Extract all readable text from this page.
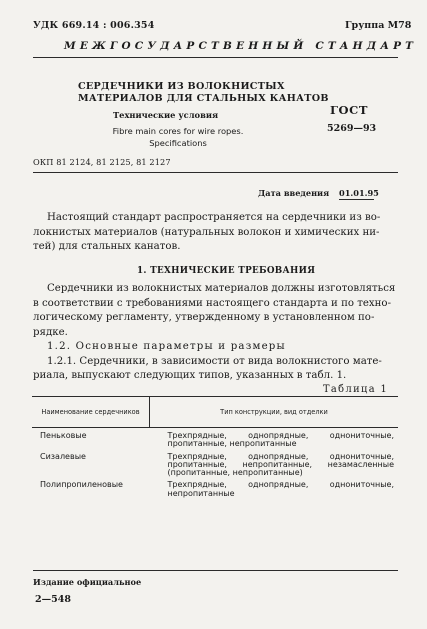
УДК 669.14 : 006.354	Группа М78
МЕЖГОСУДАРСТВЕННЫЙ СТАНДАРТ
СЕРДЕЧНИКИ ИЗ ВОЛОКНИСТЫХ
МАТЕРИАЛОВ ДЛЯ СТАЛЬНЫХ КАНАТОВ
Технические условия
Fibre main cores for wire ropes. Specifications
ГОСТ
5269—93
ОКП 81 2124, 81 2125, 81 2127
Дата введения 01.01.95
Настоящий стандарт распространяется на сердечники из во-
локнистых материалов (натуральных волокон и химических ни-
тей) для стальных канатов.
1. ТЕХНИЧЕСКИЕ ТРЕБОВАНИЯ
Сердечники из волокнистых материалов должны изготовляться
в соответствии с требованиями настоящего стандарта и по техно-
логическому регламенту, утвержденному в установленном по-
рядке.
1.2. Основные параметры и размеры
1.2.1. Сердечники, в зависимости от вида волокнистого мате-
риала, выпускают следующих типов, указанных в табл. 1.
Таблица 1
Наименование сердечников	Тип конструкции, вид отделки
Пеньковые	Трехпрядные, однопрядные, однониточные, пропитанные, непропитанные
Сизалевые	Трехпрядные, однопрядные, однониточные, пропитанные, непропитанные, незамасленные (пропитанные, непропитанные)
Полипропиленовые	Трехпрядные, однопрядные, однониточные, непропитанные
Издание официальное
2—548
